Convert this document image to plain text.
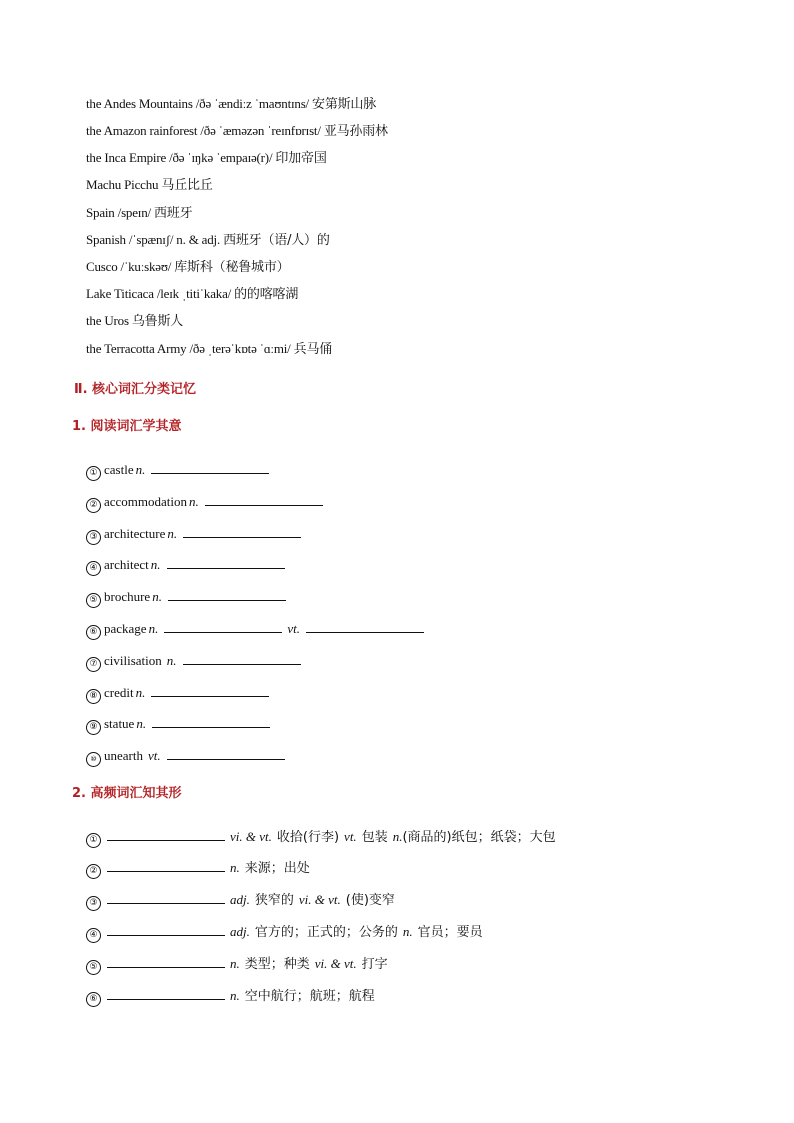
the Andes Mountains /ðə ˈændiːz ˈmaʊntɪns/ 安第斯山脉
the Amazon rainforest /ðə ˈæməzən ˈreɪnfɒrɪst/ 亚马孙雨林
the Inca Empire /ðə ˈɪŋkə ˈempaɪə(r)/ 印加帝国
Machu Picchu 马丘比丘
Spain /speɪn/ 西班牙
Spanish /ˈspænɪʃ/ n. & adj. 西班牙（语/人）的
Cusco /ˈkuːskəʊ/ 库斯科（秘鲁城市）
Lake Titicaca /leɪk ˌtitiˈkaka/ 的的喀喀湖
the Uros 乌鲁斯人
the Terracotta Army /ðə ˌterəˈkɒtə ˈɑːmi/ 兵马俑
Ⅱ. 核心词汇分类记忆
1. 阅读词汇学其意
① castle n.
② accommodation n.
③ architecture n.
④ architect n.
⑤ brochure n.
⑥ package n.	vt.
⑦ civilisation n.
⑧ credit n.
⑨ statue n.
⑩ unearth vt.
2. 高频词汇知其形
①	vi. & vt. 收拾(行李) vt. 包装 n. (商品的)纸包；纸袋；大包
②	n. 来源；出处
③	adj. 狭窄的 vi. & vt. (使)变窄
④	adj. 官方的；正式的；公务的 n. 官员；要员
⑤	n. 类型；种类 vi. & vt. 打字
⑥	n. 空中航行；航班；航程
